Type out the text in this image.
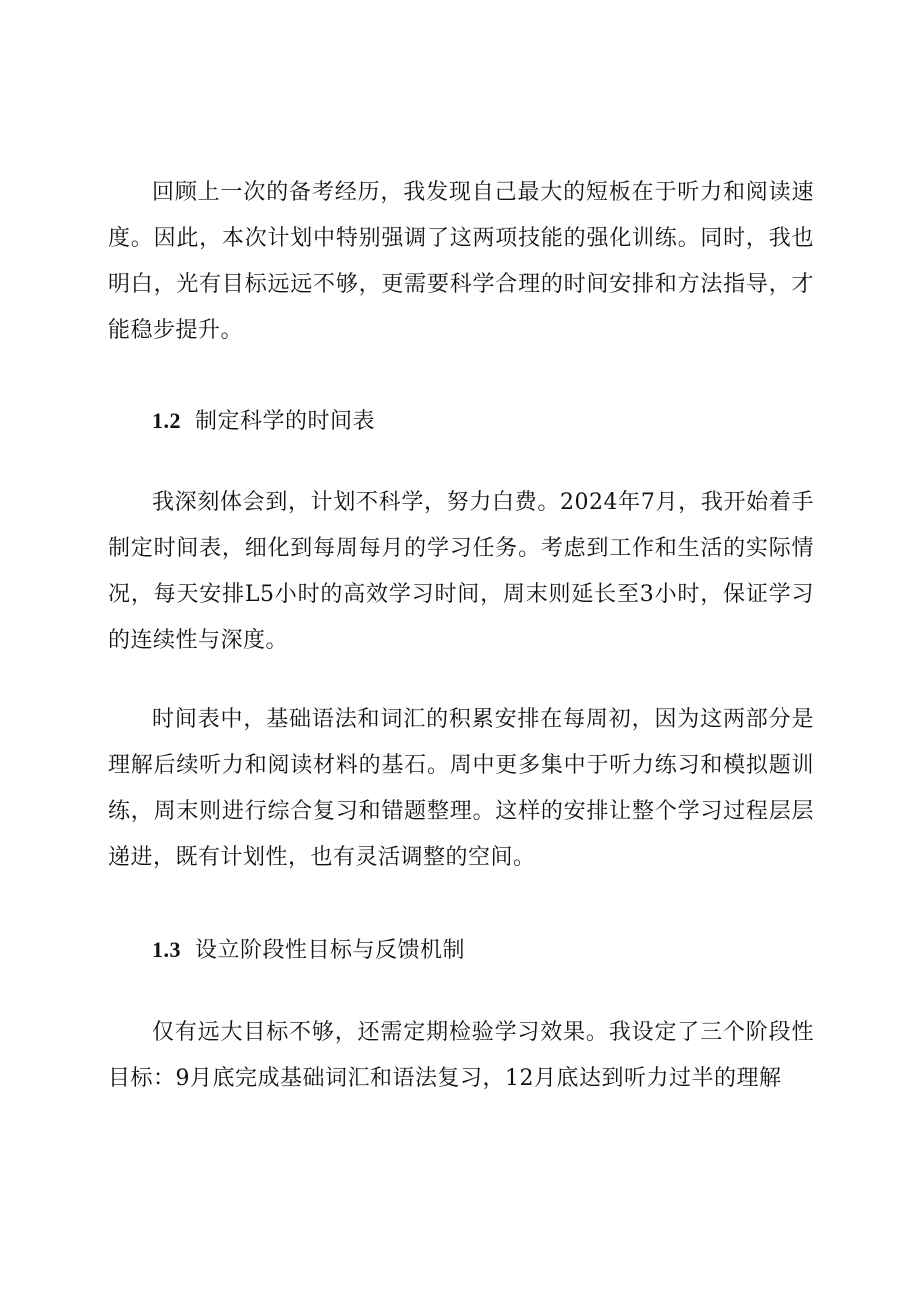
回顾上一次的备考经历，我发现自己最大的短板在于听力和阅读速度。因此，本次计划中特别强调了这两项技能的强化训练。同时，我也明白，光有目标远远不够，更需要科学合理的时间安排和方法指导，才能稳步提升。

1.2 制定科学的时间表

我深刻体会到，计划不科学，努力白费。2024年7月，我开始着手制定时间表，细化到每周每月的学习任务。考虑到工作和生活的实际情况，每天安排L5小时的高效学习时间，周末则延长至3小时，保证学习的连续性与深度。

时间表中，基础语法和词汇的积累安排在每周初，因为这两部分是理解后续听力和阅读材料的基石。周中更多集中于听力练习和模拟题训练，周末则进行综合复习和错题整理。这样的安排让整个学习过程层层递进，既有计划性，也有灵活调整的空间。

1.3 设立阶段性目标与反馈机制

仅有远大目标不够，还需定期检验学习效果。我设定了三个阶段性目标：9月底完成基础词汇和语法复习，12月底达到听力过半的理解
